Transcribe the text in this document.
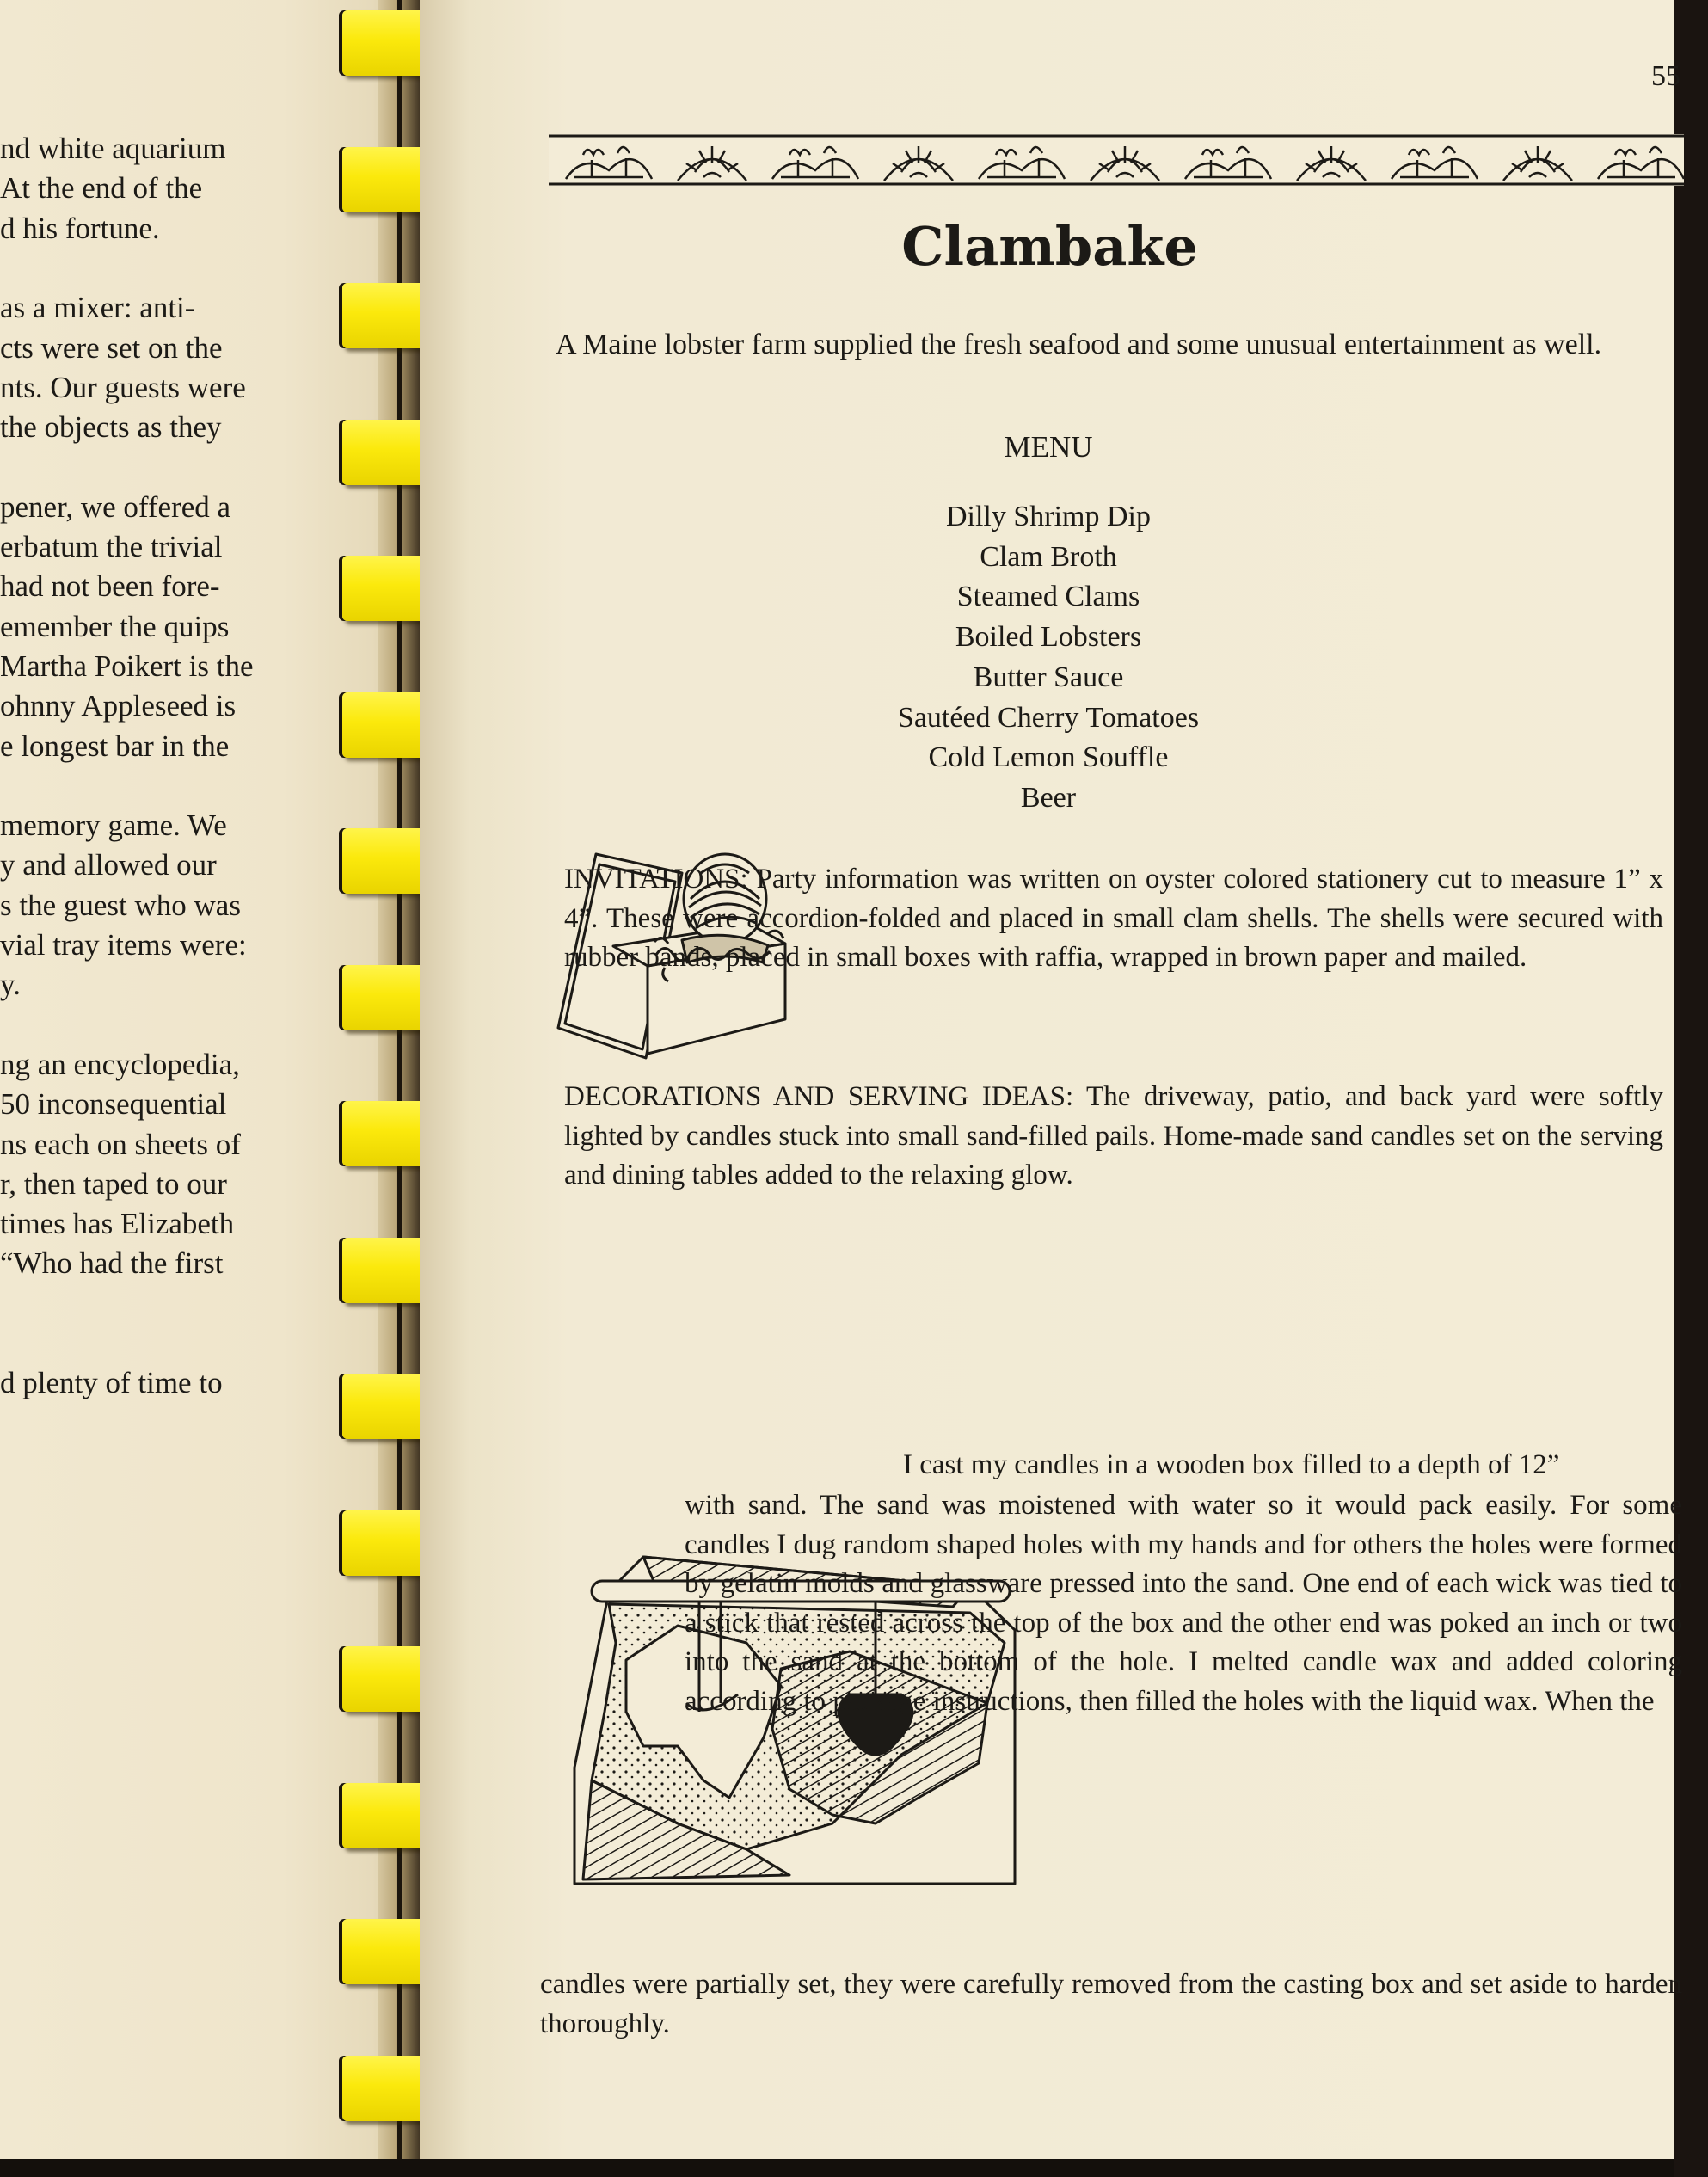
nd white aquarium
At the end of the
d his fortune.
as a mixer: anti-
cts were set on the
nts. Our guests were
the objects as they
pener, we offered a
erbatum the trivial
had not been fore-
emember the quips
Martha Poikert is the
ohnny Appleseed is
e longest bar in the
memory game. We
y and allowed our
s the guest who was
vial tray items were:
y.
ng an encyclopedia,
50 inconsequential
ns each on sheets of
r, then taped to our
times has Elizabeth
“Who had the first
d plenty of time to
55
Clambake
A Maine lobster farm supplied the fresh seafood and some unusual entertainment as well.
MENU
Dilly Shrimp Dip
Clam Broth
Steamed Clams
Boiled Lobsters
Butter Sauce
Sautéed Cherry Tomatoes
Cold Lemon Souffle
Beer
INVITATIONS: Party information was written on oyster colored stationery cut to measure 1” x 4”. These were accordion-folded and placed in small clam shells. The shells were secured with rubber bands, placed in small boxes with raffia, wrapped in brown paper and mailed.
DECORATIONS AND SERVING IDEAS: The driveway, patio, and back yard were softly lighted by candles stuck into small sand-filled pails. Home-made sand candles set on the serving and dining tables added to the relaxing glow.
I cast my candles in a wooden box filled to a depth of 12”
with sand. The sand was moistened with water so it would pack easily. For some candles I dug random shaped holes with my hands and for others the holes were formed by gelatin molds and glassware pressed into the sand. One end of each wick was tied to a stick that rested across the top of the box and the other end was poked an inch or two into the sand at the bottom of the hole. I melted candle wax and added coloring according to package instructions, then filled the holes with the liquid wax. When the
candles were partially set, they were carefully removed from the casting box and set aside to harden thoroughly.
